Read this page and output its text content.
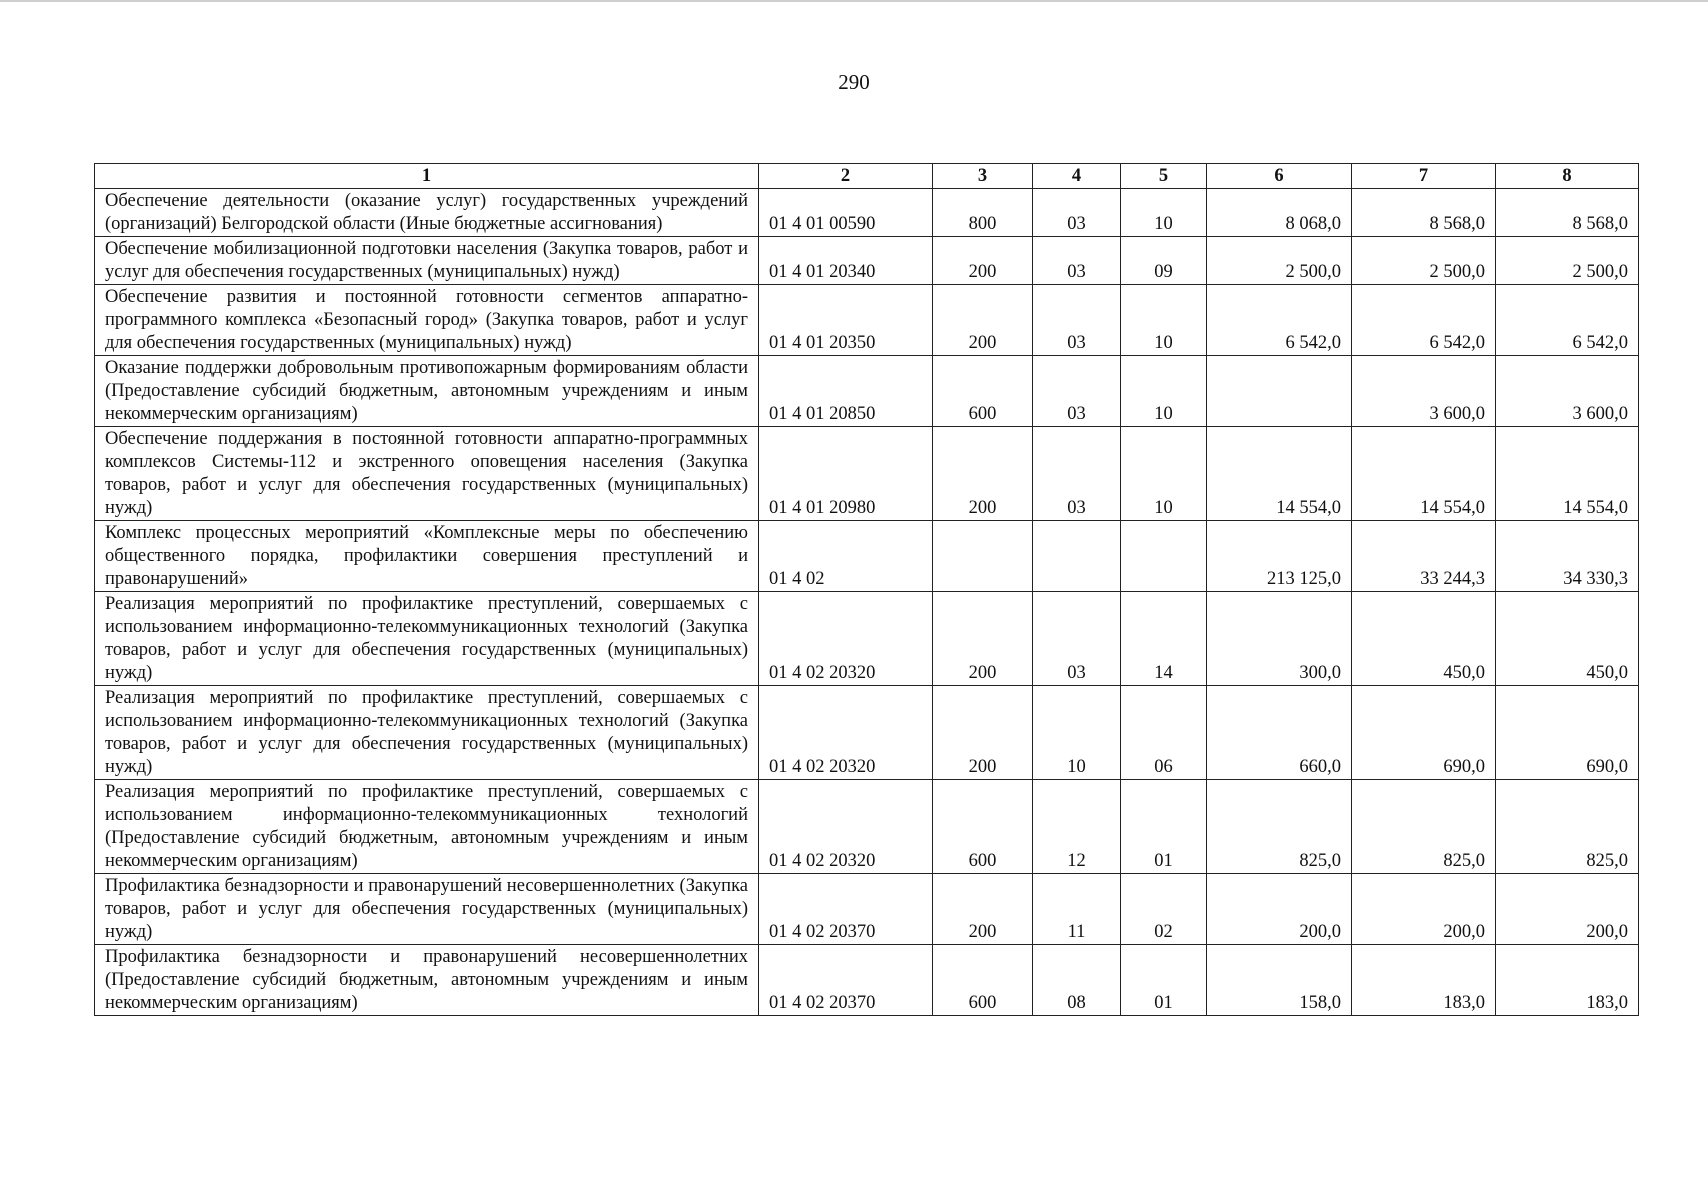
290
1	2	3	4	5	6	7	8
Обеспечение деятельности (оказание услуг) государственных учреждений (организаций) Белгородской области (Иные бюджетные ассигнования)	01 4 01 00590	800	03	10	8 068,0	8 568,0	8 568,0
Обеспечение мобилизационной подготовки населения (Закупка товаров, работ и услуг для обеспечения государственных (муниципальных) нужд)	01 4 01 20340	200	03	09	2 500,0	2 500,0	2 500,0
Обеспечение развития и постоянной готовности сегментов аппаратно-программного комплекса «Безопасный город» (Закупка товаров, работ и услуг для обеспечения государственных (муниципальных) нужд)	01 4 01 20350	200	03	10	6 542,0	6 542,0	6 542,0
Оказание поддержки добровольным противопожарным формированиям области (Предоставление субсидий бюджетным, автономным учреждениям и иным некоммерческим организациям)	01 4 01 20850	600	03	10		3 600,0	3 600,0
Обеспечение поддержания в постоянной готовности аппаратно-программных комплексов Системы-112 и экстренного оповещения населения (Закупка товаров, работ и услуг для обеспечения государственных (муниципальных) нужд)	01 4 01 20980	200	03	10	14 554,0	14 554,0	14 554,0
Комплекс процессных мероприятий «Комплексные меры по обеспечению общественного порядка, профилактики совершения преступлений и правонарушений»	01 4 02				213 125,0	33 244,3	34 330,3
Реализация мероприятий по профилактике преступлений, совершаемых с использованием информационно-телекоммуникационных технологий (Закупка товаров, работ и услуг для обеспечения государственных (муниципальных) нужд)	01 4 02 20320	200	03	14	300,0	450,0	450,0
Реализация мероприятий по профилактике преступлений, совершаемых с использованием информационно-телекоммуникационных технологий (Закупка товаров, работ и услуг для обеспечения государственных (муниципальных) нужд)	01 4 02 20320	200	10	06	660,0	690,0	690,0
Реализация мероприятий по профилактике преступлений, совершаемых с использованием информационно-телекоммуникационных технологий (Предоставление субсидий бюджетным, автономным учреждениям и иным некоммерческим организациям)	01 4 02 20320	600	12	01	825,0	825,0	825,0
Профилактика безнадзорности и правонарушений несовершеннолетних (Закупка товаров, работ и услуг для обеспечения государственных (муниципальных) нужд)	01 4 02 20370	200	11	02	200,0	200,0	200,0
Профилактика безнадзорности и правонарушений несовершеннолетних (Предоставление субсидий бюджетным, автономным учреждениям и иным некоммерческим организациям)	01 4 02 20370	600	08	01	158,0	183,0	183,0
